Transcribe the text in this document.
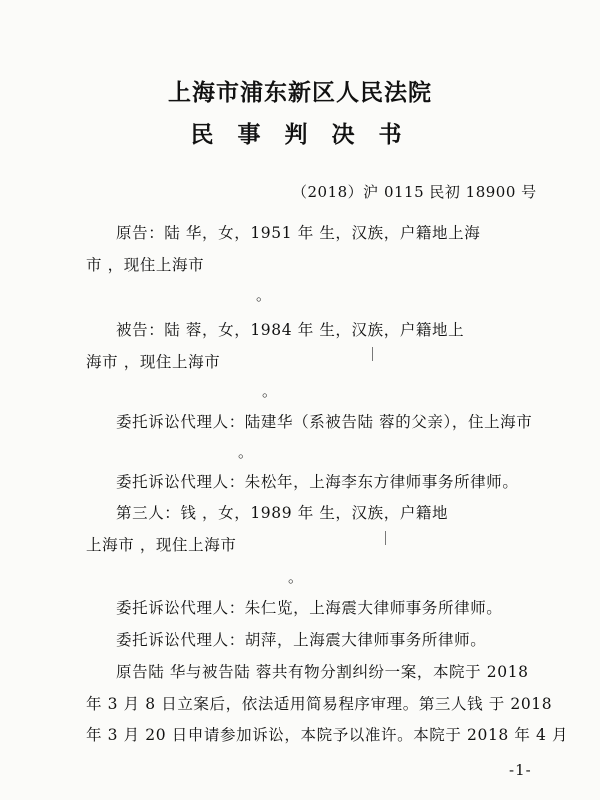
上海市浦东新区人民法院
民 事 判 决 书
（2018）沪 0115 民初 18900 号
原告：陆 华，女，1951 年 生，汉族，户籍地上海
市 ，现住上海市
。
被告：陆 蓉，女，1984 年 生，汉族，户籍地上
海市 ，现住上海市
。
委托诉讼代理人：陆建华（系被告陆 蓉的父亲），住上海市
。
委托诉讼代理人：朱松年，上海李东方律师事务所律师。
第三人：钱 ，女，1989 年 生，汉族，户籍地
上海市 ，现住上海市
。
委托诉讼代理人：朱仁览，上海震大律师事务所律师。
委托诉讼代理人：胡萍，上海震大律师事务所律师。
原告陆 华与被告陆 蓉共有物分割纠纷一案，本院于 2018
年 3 月 8 日立案后，依法适用简易程序审理。第三人钱 于 2018
年 3 月 20 日申请参加诉讼，本院予以准许。本院于 2018 年 4 月
-1-
